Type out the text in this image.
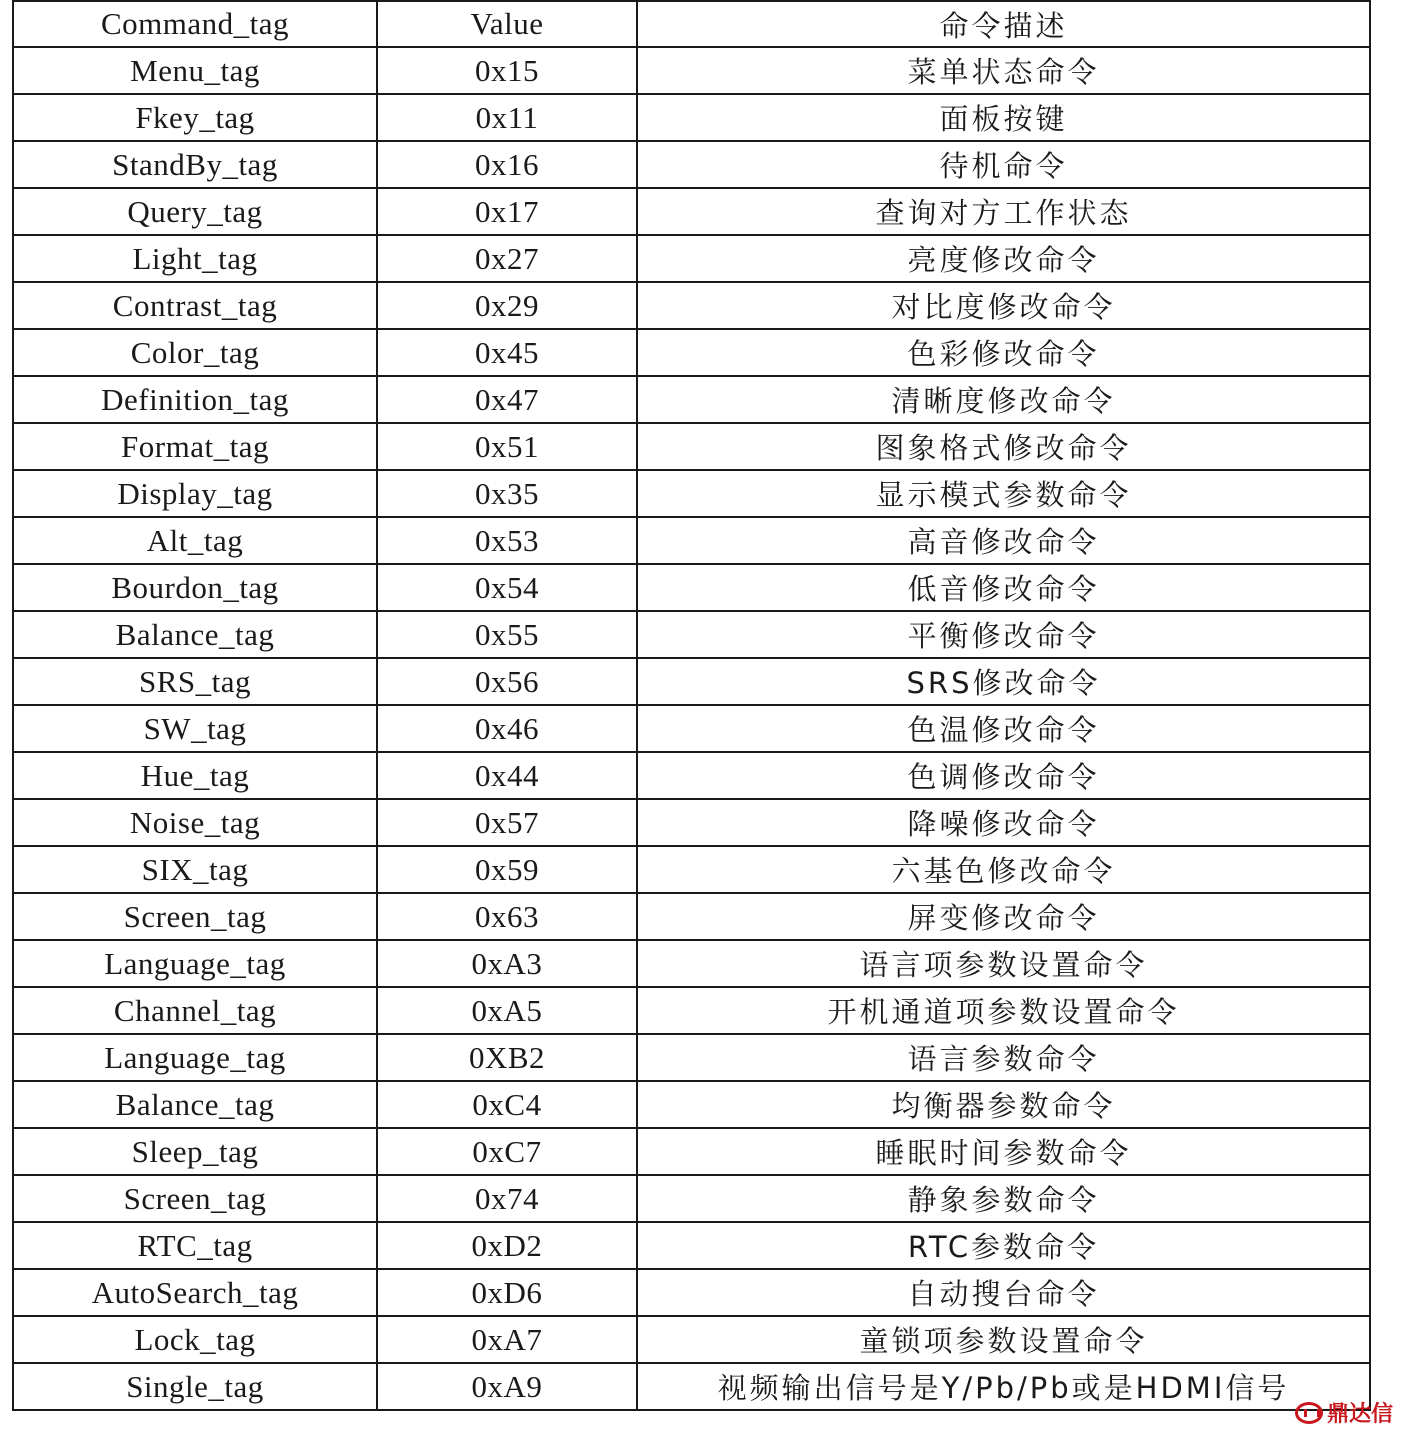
Command_tag	Value	命令描述
Menu_tag	0x15	菜单状态命令
Fkey_tag	0x11	面板按键
StandBy_tag	0x16	待机命令
Query_tag	0x17	查询对方工作状态
Light_tag	0x27	亮度修改命令
Contrast_tag	0x29	对比度修改命令
Color_tag	0x45	色彩修改命令
Definition_tag	0x47	清晰度修改命令
Format_tag	0x51	图象格式修改命令
Display_tag	0x35	显示模式参数命令
Alt_tag	0x53	高音修改命令
Bourdon_tag	0x54	低音修改命令
Balance_tag	0x55	平衡修改命令
SRS_tag	0x56	SRS修改命令
SW_tag	0x46	色温修改命令
Hue_tag	0x44	色调修改命令
Noise_tag	0x57	降噪修改命令
SIX_tag	0x59	六基色修改命令
Screen_tag	0x63	屏变修改命令
Language_tag	0xA3	语言项参数设置命令
Channel_tag	0xA5	开机通道项参数设置命令
Language_tag	0XB2	语言参数命令
Balance_tag	0xC4	均衡器参数命令
Sleep_tag	0xC7	睡眠时间参数命令
Screen_tag	0x74	静象参数命令
RTC_tag	0xD2	RTC参数命令
AutoSearch_tag	0xD6	自动搜台命令
Lock_tag	0xA7	童锁项参数设置命令
Single_tag	0xA9	视频输出信号是Y/Pb/Pb或是HDMI信号
鼎达信
